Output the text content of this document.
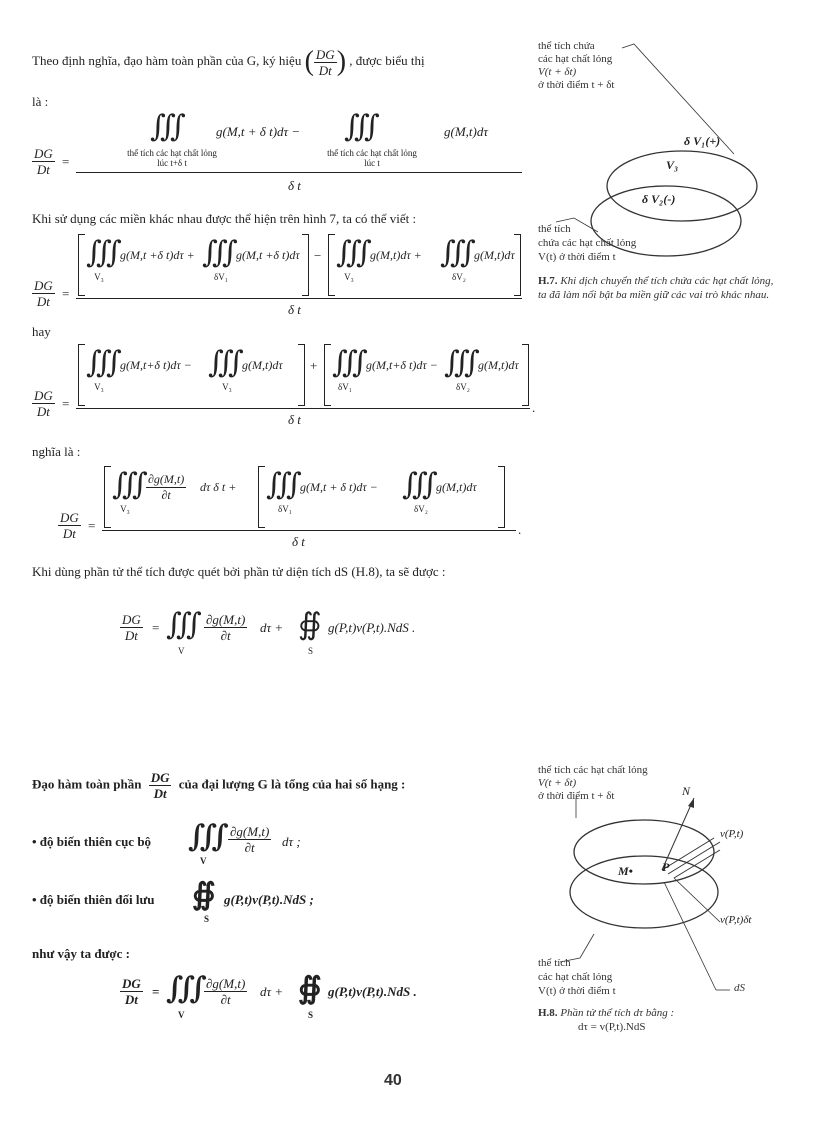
Theo định nghĩa, đạo hàm toàn phần của G, ký hiệu ( $\frac{DG}{Dt}$ ) , được biểu thị
là :
$\frac{DG}{Dt}$ =
∭ g(M,t + δ t)dτ −
thể tích các hạt chất lỏng
lúc t+δ t
∭	g(M,t)dτ
thể tích các hạt chất lỏng
lúc t
δ t
Khi sử dụng các miền khác nhau được thể hiện trên hình 7, ta có thể viết :
$\frac{DG}{Dt}$ =
∭
g(M,t +δ t)dτ +
V₃
∭
g(M,t +δ t)dτ
δV₁
− ∭
g(M,t)dτ +
V₃
∭
g(M,t)dτ
δV₂
δ t
hay
$\frac{DG}{Dt}$ =
∭
g(M,t+δ t)dτ −
V₃
∭
g(M,t)dτ
V₃
+ ∭
g(M,t+δ t)dτ −
δV₁
∭
g(M,t)dτ
δV₂
.
δ t
nghĩa là :
$\frac{DG}{Dt}$ =
∭
$\frac{\partial g(M,t)}{\partial t}$
V₃
dτ δ t + ∭
g(M,t + δ t)dτ −
δV₁
∭
g(M,t)dτ
δV₂
.
δ t
Khi dùng phần tử thể tích được quét bởi phần tử diện tích dS (H.8), ta sẽ được :
$\frac{DG}{Dt}$ = ∭
V
$\frac{\partial g(M,t)}{\partial t}$ dτ + ∯
S
g(P,t)v(P,t).NdS .
Đạo hàm toàn phần $\frac{DG}{Dt}$ của đại lượng G là tổng của hai số hạng :
• độ biến thiên cục bộ ∭
V
$\frac{\partial g(M,t)}{\partial t}$ dτ ;
• độ biến thiên đối lưu ∯
S
g(P,t)v(P,t).NdS ;
như vậy ta được :
$\frac{DG}{Dt}$ = ∭
V
$\frac{\partial g(M,t)}{\partial t}$ dτ + ∯
S
g(P,t)v(P,t).NdS .
40
thể tích chứa
các hạt chất lỏng
V(t + δt)
ở thời điểm t + δt
δ V₁(+)
V₃
δ V₂(-)
thể tích
chứa các hạt chất lỏng
V(t) ở thời điểm t
H.7. Khi dịch chuyển thể tích chứa các hạt chất lỏng, ta đã làm nổi bật ba miền giữ các vai trò khác nhau.
thể tích các hạt chất lỏng
V(t + δt)
ở thời điểm t + δt	N
v(P,t)
M• P
v(P,t)δt
thể tích
các hạt chất lỏng
V(t) ở thời điểm t	dS
H.8. Phần tử thể tích dτ bằng :
dτ = v(P,t).NdS
